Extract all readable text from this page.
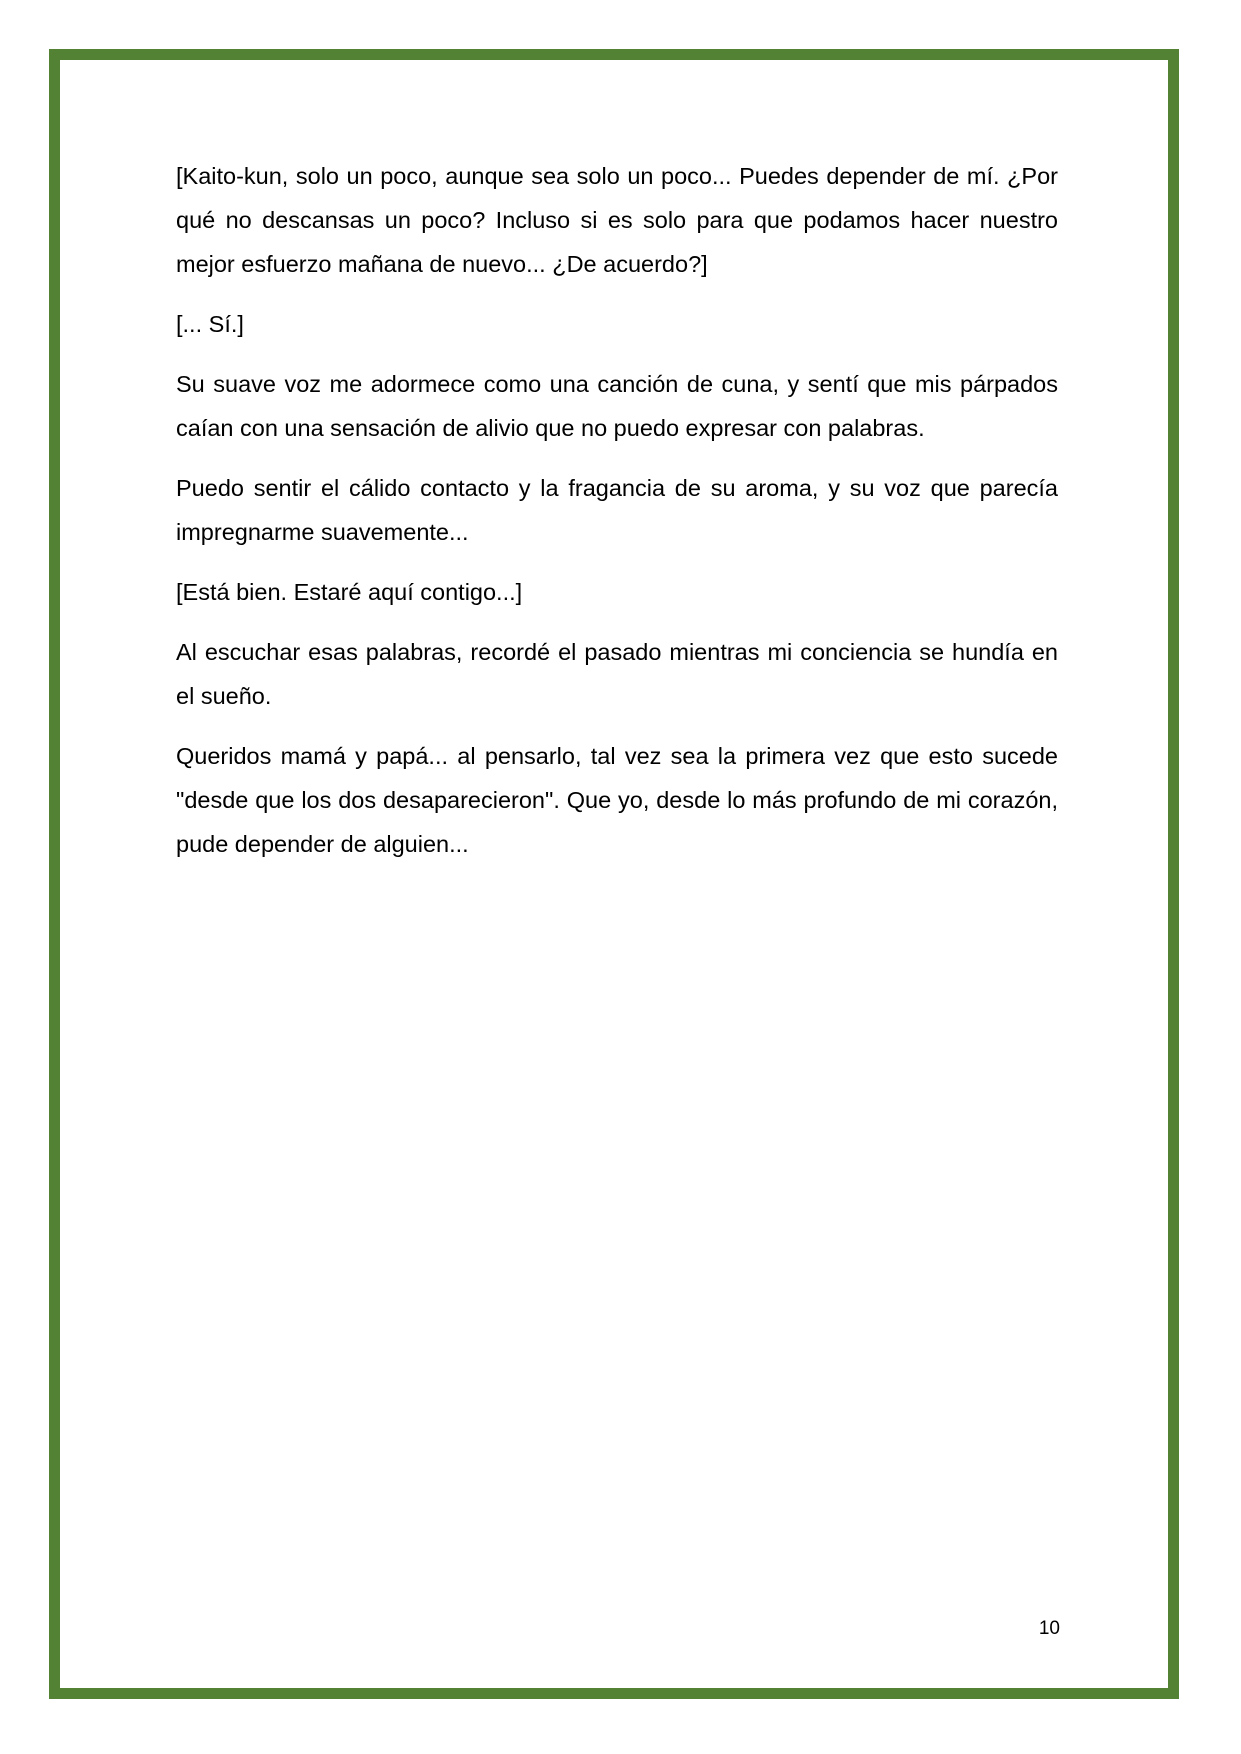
[Kaito-kun, solo un poco, aunque sea solo un poco... Puedes depender de mí. ¿Por qué no descansas un poco? Incluso si es solo para que podamos hacer nuestro mejor esfuerzo mañana de nuevo... ¿De acuerdo?]

[... Sí.]

Su suave voz me adormece como una canción de cuna, y sentí que mis párpados caían con una sensación de alivio que no puedo expresar con palabras.

Puedo sentir el cálido contacto y la fragancia de su aroma, y su voz que parecía impregnarme suavemente...

[Está bien. Estaré aquí contigo...]

Al escuchar esas palabras, recordé el pasado mientras mi conciencia se hundía en el sueño.

Queridos mamá y papá... al pensarlo, tal vez sea la primera vez que esto sucede "desde que los dos desaparecieron". Que yo, desde lo más profundo de mi corazón, pude depender de alguien...

10
